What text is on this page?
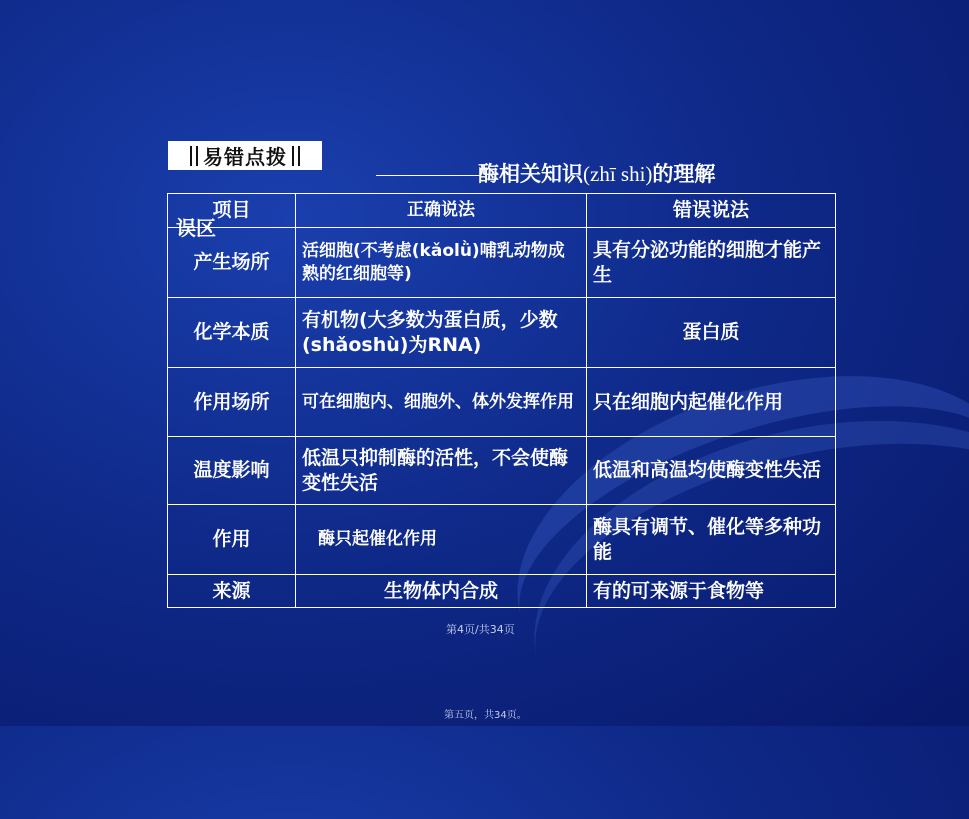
易错点拨
酶相关知识(zhī shi)的理解
项目	正确说法	错误说法
产生场所	活细胞(不考虑(kǎolǜ)哺乳动物成熟的红细胞等)	具有分泌功能的细胞才能产生
化学本质	有机物(大多数为蛋白质，少数(shǎoshù)为RNA)	蛋白质
作用场所	可在细胞内、细胞外、体外发挥作用	只在细胞内起催化作用
温度影响	低温只抑制酶的活性，不会使酶变性失活	低温和高温均使酶变性失活
作用	酶只起催化作用	酶具有调节、催化等多种功能
来源	生物体内合成	有的可来源于食物等
误区
第4页/共34页
第五页，共34页。
